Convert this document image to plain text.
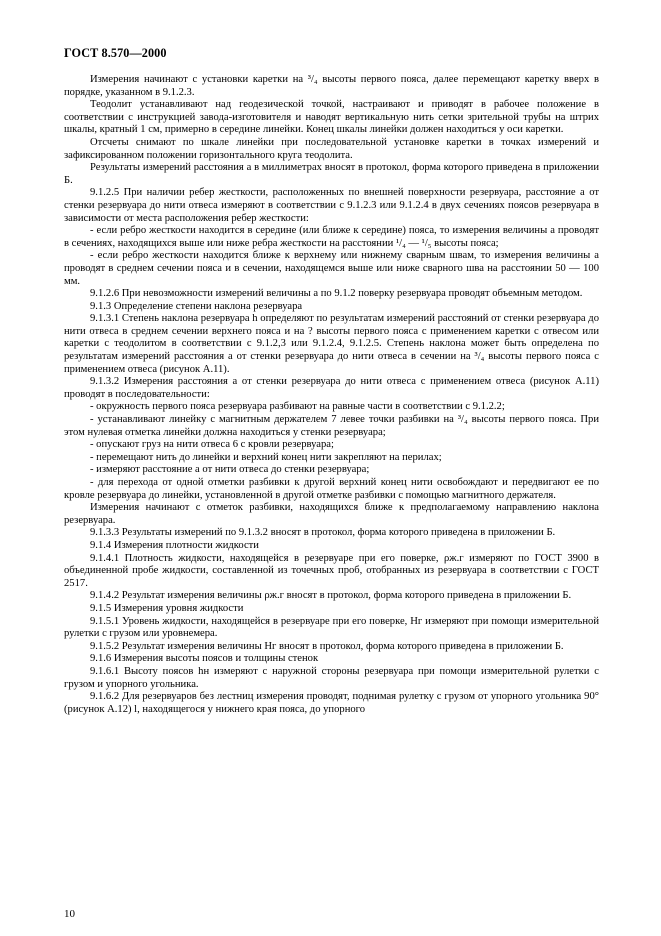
ГОСТ 8.570—2000

Измерения начинают с установки каретки на ³/₄ высоты первого пояса, далее перемещают каретку вверх в порядке, указанном в 9.1.2.3.

Теодолит устанавливают над геодезической точкой, настраивают и приводят в рабочее положение в соответствии с инструкцией завода-изготовителя и наводят вертикальную нить сетки зрительной трубы на штрих шкалы, кратный 1 см, примерно в середине линейки. Конец шкалы линейки должен находиться у оси каретки.

Отсчеты снимают по шкале линейки при последовательной установке каретки в точках измерений и зафиксированном положении горизонтального круга теодолита.

Результаты измерений расстояния a в миллиметрах вносят в протокол, форма которого приведена в приложении Б.

9.1.2.5 При наличии ребер жесткости, расположенных по внешней поверхности резервуара, расстояние a от стенки резервуара до нити отвеса измеряют в соответствии с 9.1.2.3 или 9.1.2.4 в двух сечениях поясов резервуара в зависимости от места расположения ребер жесткости:

- если ребро жесткости находится в середине (или ближе к середине) пояса, то измерения величины a проводят в сечениях, находящихся выше или ниже ребра жесткости на расстоянии ¹/₄ — ¹/₅ высоты пояса;

- если ребро жесткости находится ближе к верхнему или нижнему сварным швам, то измерения величины a проводят в среднем сечении пояса и в сечении, находящемся выше или ниже сварного шва на расстоянии 50 — 100 мм.

9.1.2.6 При невозможности измерений величины a по 9.1.2 поверку резервуара проводят объемным методом.

9.1.3 Определение степени наклона резервуара

9.1.3.1 Степень наклона резервуара h определяют по результатам измерений расстояний от стенки резервуара до нити отвеса в среднем сечении верхнего пояса и на ? высоты первого пояса с применением каретки с отвесом или каретки с теодолитом в соответствии с 9.1.2,3 или 9.1.2.4, 9.1.2.5. Степень наклона может быть определена по результатам измерений расстояния a от стенки резервуара до нити отвеса в сечении на ³/₄ высоты первого пояса с применением отвеса (рисунок А.11).

9.1.3.2 Измерения расстояния a от стенки резервуара до нити отвеса с применением отвеса (рисунок А.11) проводят в последовательности:

- окружность первого пояса резервуара разбивают на равные части в соответствии с 9.1.2.2;

- устанавливают линейку с магнитным держателем 7 левее точки разбивки на ³/₄ высоты первого пояса. При этом нулевая отметка линейки должна находиться у стенки резервуара;

- опускают груз на нити отвеса 6 с кровли резервуара;

- перемещают нить до линейки и верхний конец нити закрепляют на перилах;

- измеряют расстояние a от нити отвеса до стенки резервуара;

- для перехода от одной отметки разбивки к другой верхний конец нити освобождают и передвигают ее по кровле резервуара до линейки, установленной в другой отметке разбивки с помощью магнитного держателя.

Измерения начинают с отметок разбивки, находящихся ближе к предполагаемому направлению наклона резервуара.

9.1.3.3 Результаты измерений по 9.1.3.2 вносят в протокол, форма которого приведена в приложении Б.

9.1.4 Измерения плотности жидкости

9.1.4.1 Плотность жидкости, находящейся в резервуаре при его поверке, ρж.г измеряют по ГОСТ 3900 в объединенной пробе жидкости, составленной из точечных проб, отобранных из резервуара в соответствии с ГОСТ 2517.

9.1.4.2 Результат измерения величины ρж.г вносят в протокол, форма которого приведена в приложении Б.

9.1.5 Измерения уровня жидкости

9.1.5.1 Уровень жидкости, находящейся в резервуаре при его поверке, Hг измеряют при помощи измерительной рулетки с грузом или уровнемера.

9.1.5.2 Результат измерения величины Hг вносят в протокол, форма которого приведена в приложении Б.

9.1.6 Измерения высоты поясов и толщины стенок

9.1.6.1 Высоту поясов hн измеряют с наружной стороны резервуара при помощи измерительной рулетки с грузом и упорного угольника.

9.1.6.2 Для резервуаров без лестниц измерения проводят, поднимая рулетку с грузом от упорного угольника 90° (рисунок А.12) l, находящегося у нижнего края пояса, до упорного

10
